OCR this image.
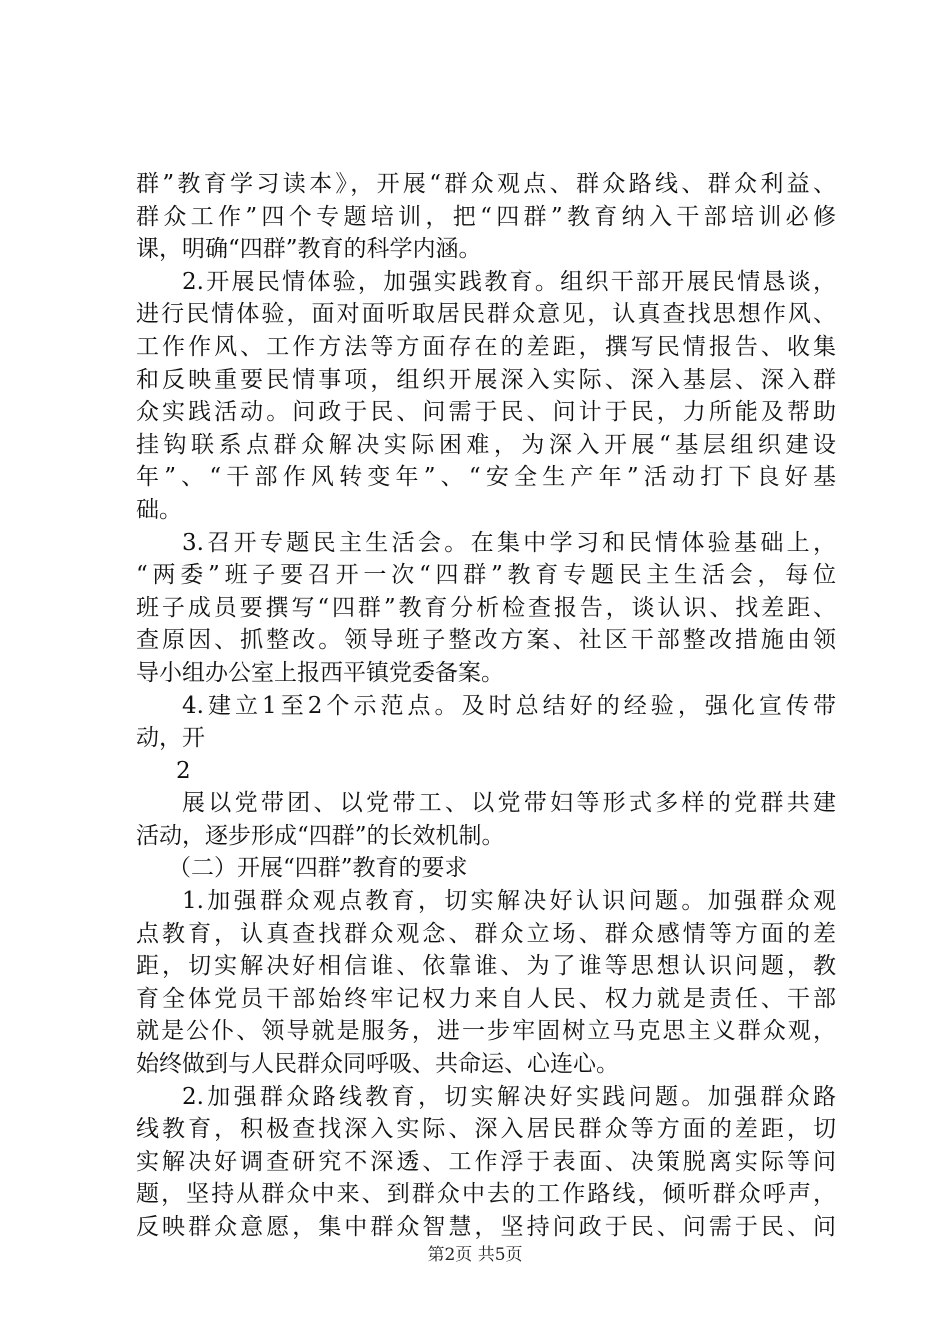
群”教育学习读本》，开展“群众观点、群众路线、群众利益、
群众工作”四个专题培训，把“四群”教育纳入干部培训必修
课，明确“四群”教育的科学内涵。
2.开展民情体验，加强实践教育。组织干部开展民情恳谈，
进行民情体验，面对面听取居民群众意见，认真查找思想作风、
工作作风、工作方法等方面存在的差距，撰写民情报告、收集
和反映重要民情事项，组织开展深入实际、深入基层、深入群
众实践活动。问政于民、问需于民、问计于民，力所能及帮助
挂钩联系点群众解决实际困难，为深入开展“基层组织建设
年”、“干部作风转变年”、“安全生产年”活动打下良好基
础。
3.召开专题民主生活会。在集中学习和民情体验基础上，
“两委”班子要召开一次“四群”教育专题民主生活会，每位
班子成员要撰写“四群”教育分析检查报告，谈认识、找差距、
查原因、抓整改。领导班子整改方案、社区干部整改措施由领
导小组办公室上报西平镇党委备案。
4.建立1至2个示范点。及时总结好的经验，强化宣传带
动，开
2
展以党带团、以党带工、以党带妇等形式多样的党群共建
活动，逐步形成“四群”的长效机制。
（二）开展“四群”教育的要求
1.加强群众观点教育，切实解决好认识问题。加强群众观
点教育，认真查找群众观念、群众立场、群众感情等方面的差
距，切实解决好相信谁、依靠谁、为了谁等思想认识问题，教
育全体党员干部始终牢记权力来自人民、权力就是责任、干部
就是公仆、领导就是服务，进一步牢固树立马克思主义群众观，
始终做到与人民群众同呼吸、共命运、心连心。
2.加强群众路线教育，切实解决好实践问题。加强群众路
线教育，积极查找深入实际、深入居民群众等方面的差距，切
实解决好调查研究不深透、工作浮于表面、决策脱离实际等问
题，坚持从群众中来、到群众中去的工作路线，倾听群众呼声，
反映群众意愿，集中群众智慧，坚持问政于民、问需于民、问
第2页 共5页
